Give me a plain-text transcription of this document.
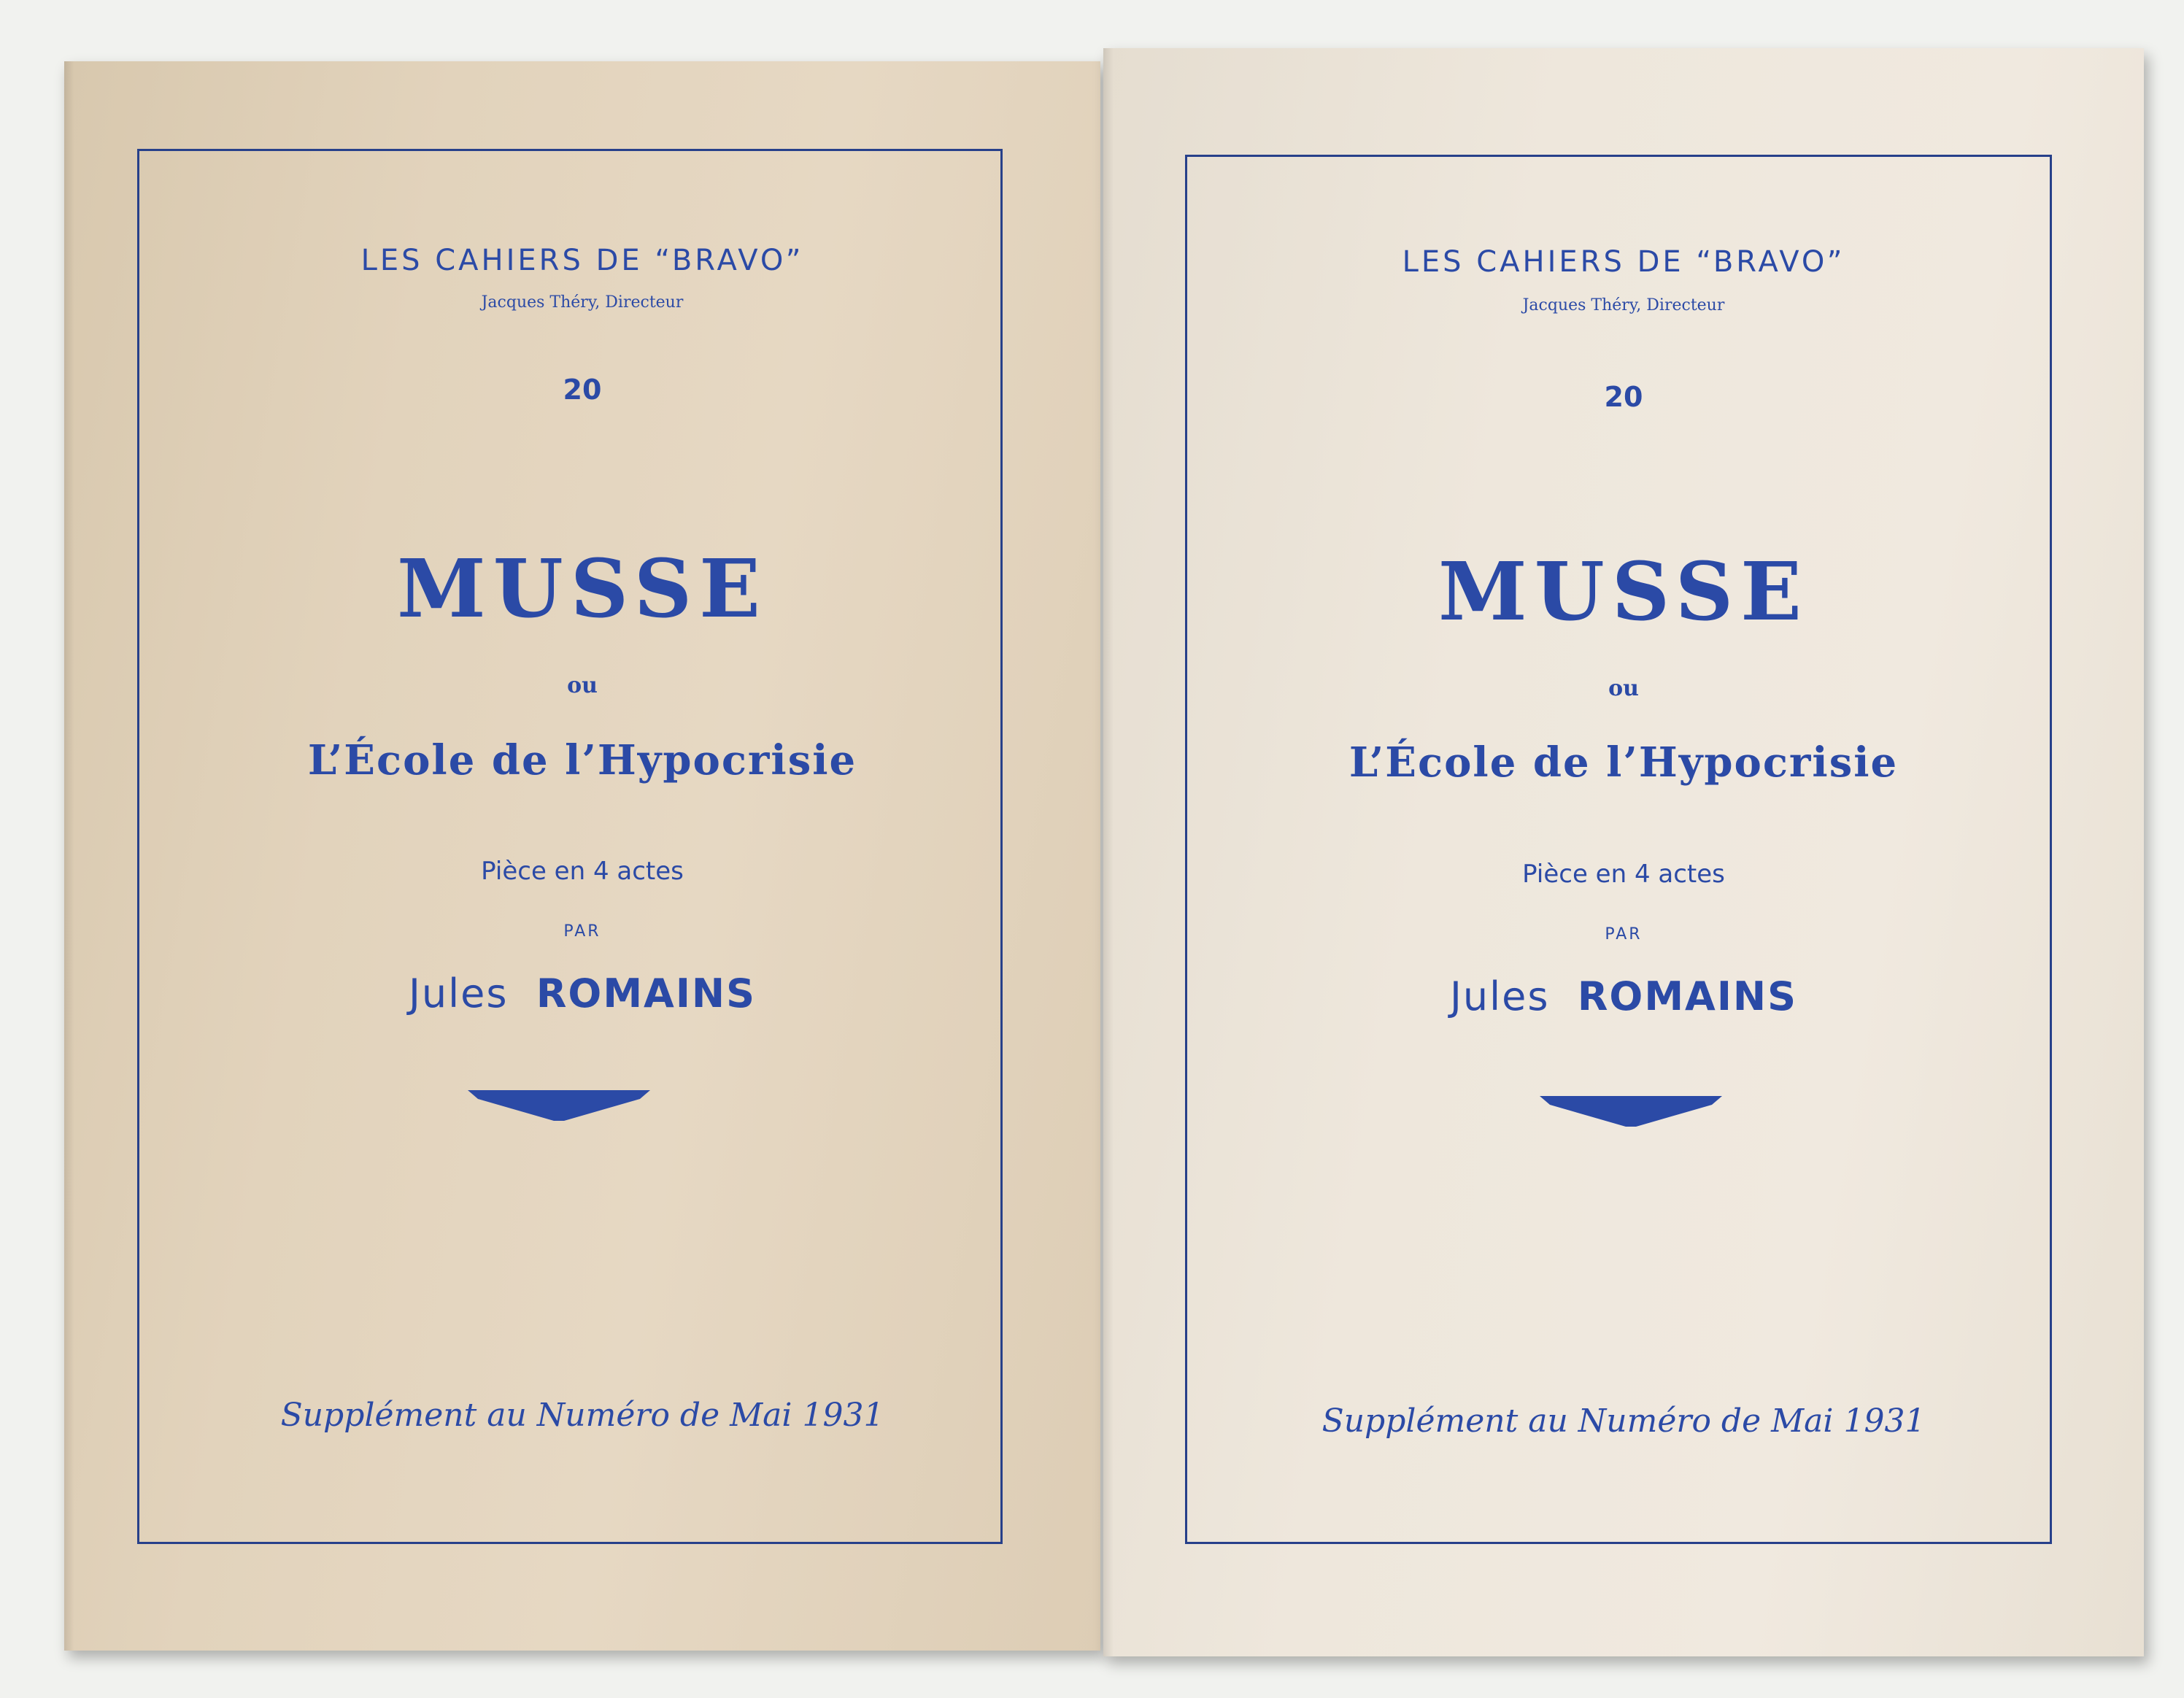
LES CAHIERS DE “BRAVO”

Jacques Théry, Directeur

20

MUSSE

ou

L’École de l’Hypocrisie

Pièce en 4 actes

PAR

Jules ROMAINS

Supplément au Numéro de Mai 1931

LES CAHIERS DE “BRAVO”

Jacques Théry, Directeur

20

MUSSE

ou

L’École de l’Hypocrisie

Pièce en 4 actes

PAR

Jules ROMAINS

Supplément au Numéro de Mai 1931
